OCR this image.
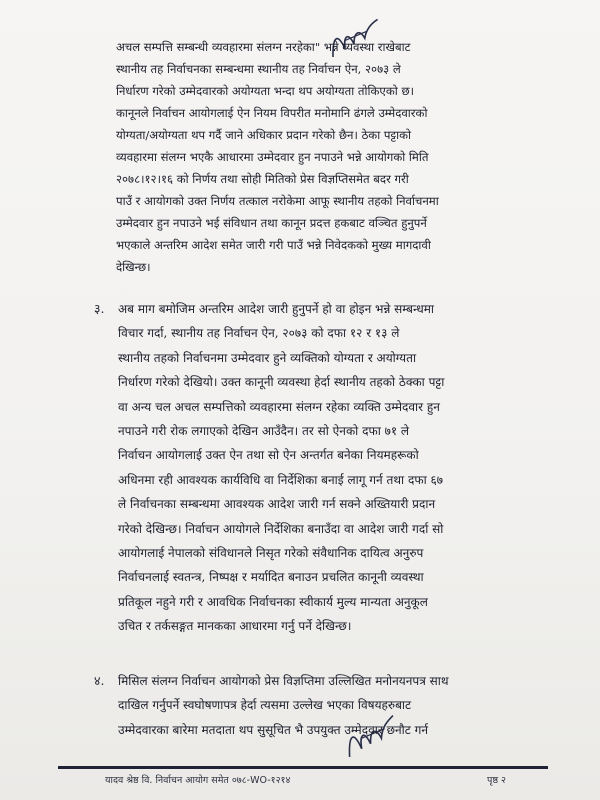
अचल सम्पत्ति सम्बन्धी व्यवहारमा संलग्न नरहेका" भन्ने व्यवस्था राखेबाट
स्थानीय तह निर्वाचनका सम्बन्धमा स्थानीय तह निर्वाचन ऐन, २०७३ ले
निर्धारण गरेको उम्मेदवारको अयोग्यता भन्दा थप अयोग्यता तोकिएको छ।
कानूनले निर्वाचन आयोगलाई ऐन नियम विपरीत मनोमानि ढंगले उम्मेदवारको
योग्यता/अयोग्यता थप गर्दै जाने अधिकार प्रदान गरेको छैन। ठेका पट्टाको
व्यवहारमा संलग्न भएकै आधारमा उम्मेदवार हुन नपाउने भन्ने आयोगको मिति
२०७८।१२।१६ को निर्णय तथा सोही मितिको प्रेस विज्ञप्तिसमेत बदर गरी
पाउँ र आयोगको उक्त निर्णय तत्काल नरोकेमा आफू स्थानीय तहको निर्वाचनमा
उम्मेदवार हुन नपाउने भई संविधान तथा कानून प्रदत्त हकबाट वञ्चित हुनुपर्ने
भएकाले अन्तरिम आदेश समेत जारी गरी पाउँ भन्ने निवेदकको मुख्य मागदावी
देखिन्छ।
३. अब माग बमोजिम अन्तरिम आदेश जारी हुनुपर्ने हो वा होइन भन्ने सम्बन्धमा
विचार गर्दा, स्थानीय तह निर्वाचन ऐन, २०७३ को दफा १२ र १३ ले
स्थानीय तहको निर्वाचनमा उम्मेदवार हुने व्यक्तिको योग्यता र अयोग्यता
निर्धारण गरेको देखियो। उक्त कानूनी व्यवस्था हेर्दा स्थानीय तहको ठेक्का पट्टा
वा अन्य चल अचल सम्पत्तिको व्यवहारमा संलग्न रहेका व्यक्ति उम्मेदवार हुन
नपाउने गरी रोक लगाएको देखिन आउँदैन। तर सो ऐनको दफा ७१ ले
निर्वाचन आयोगलाई उक्त ऐन तथा सो ऐन अन्तर्गत बनेका नियमहरूको
अधिनमा रही आवश्यक कार्यविधि वा निर्देशिका बनाई लागू गर्न तथा दफा ६७
ले निर्वाचनका सम्बन्धमा आवश्यक आदेश जारी गर्न सक्ने अख्तियारी प्रदान
गरेको देखिन्छ। निर्वाचन आयोगले निर्देशिका बनाउँदा वा आदेश जारी गर्दा सो
आयोगलाई नेपालको संविधानले निसृत गरेको संवैधानिक दायित्व अनुरुप
निर्वाचनलाई स्वतन्त्र, निष्पक्ष र मर्यादित बनाउन प्रचलित कानूनी व्यवस्था
प्रतिकूल नहुने गरी र आवधिक निर्वाचनका स्वीकार्य मुल्य मान्यता अनुकूल
उचित र तर्कसङ्गत मानकका आधारमा गर्नु पर्ने देखिन्छ।
४. मिसिल संलग्न निर्वाचन आयोगको प्रेस विज्ञप्तिमा उल्लिखित मनोनयनपत्र साथ
दाखिल गर्नुपर्ने स्वघोषणापत्र हेर्दा त्यसमा उल्लेख भएका विषयहरुबाट
उम्मेदवारका बारेमा मतदाता थप सुसूचित भै उपयुक्त उम्मेदवार छनौट गर्न
यादव श्रेष्ठ वि. निर्वाचन आयोग समेत ०७८-WO-१२१४	पृष्ठ २
